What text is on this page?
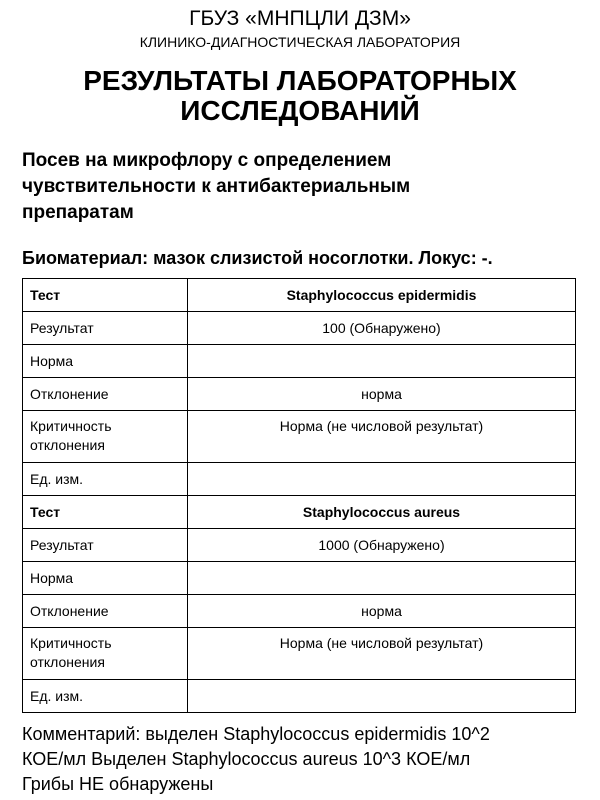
ГБУЗ «МНПЦЛИ ДЗМ»
КЛИНИКО-ДИАГНОСТИЧЕСКАЯ ЛАБОРАТОРИЯ
РЕЗУЛЬТАТЫ ЛАБОРАТОРНЫХ
ИССЛЕДОВАНИЙ
Посев на микрофлору с определением
чувствительности к антибактериальным
препаратам
Биоматериал: мазок слизистой носоглотки. Локус: -.
Тест	Staphylococcus epidermidis
Результат	100 (Обнаружено)
Норма	
Отклонение	норма

Критичность
отклонения	Норма (не числовой результат)
Ед. изм.	
Тест	Staphylococcus aureus
Результат	1000 (Обнаружено)
Норма	
Отклонение	норма

Критичность
отклонения	Норма (не числовой результат)
Ед. изм.	
Комментарий: выделен Staphylococcus epidermidis 10^2
КОЕ/мл Выделен Staphylococcus aureus 10^3 КОЕ/мл
Грибы НЕ обнаружены
